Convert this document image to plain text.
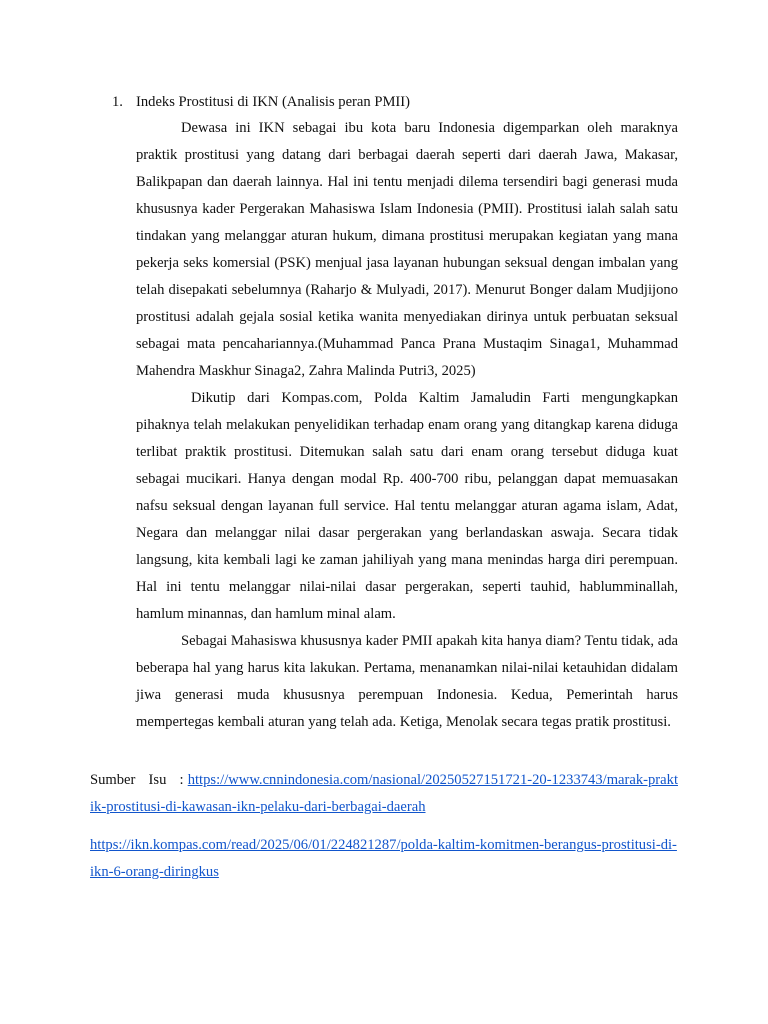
1. Indeks Prostitusi di IKN (Analisis peran PMII)

Dewasa ini IKN sebagai ibu kota baru Indonesia digemparkan oleh maraknya praktik prostitusi yang datang dari berbagai daerah seperti dari daerah Jawa, Makasar, Balikpapan dan daerah lainnya. Hal ini tentu menjadi dilema tersendiri bagi generasi muda khususnya kader Pergerakan Mahasiswa Islam Indonesia (PMII). Prostitusi ialah salah satu tindakan yang melanggar aturan hukum, dimana prostitusi merupakan kegiatan yang mana pekerja seks komersial (PSK) menjual jasa layanan hubungan seksual dengan imbalan yang telah disepakati sebelumnya (Raharjo & Mulyadi, 2017). Menurut Bonger dalam Mudjijono prostitusi adalah gejala sosial ketika wanita menyediakan dirinya untuk perbuatan seksual sebagai mata pencahariannya.(Muhammad Panca Prana Mustaqim Sinaga1, Muhammad Mahendra Maskhur Sinaga2, Zahra Malinda Putri3, 2025)

Dikutip dari Kompas.com, Polda Kaltim Jamaludin Farti mengungkapkan pihaknya telah melakukan penyelidikan terhadap enam orang yang ditangkap karena diduga terlibat praktik prostitusi. Ditemukan salah satu dari enam orang tersebut diduga kuat sebagai mucikari. Hanya dengan modal Rp. 400-700 ribu, pelanggan dapat memuasakan nafsu seksual dengan layanan full service. Hal tentu melanggar aturan agama islam, Adat, Negara dan melanggar nilai dasar pergerakan yang berlandaskan aswaja. Secara tidak langsung, kita kembali lagi ke zaman jahiliyah yang mana menindas harga diri perempuan. Hal ini tentu melanggar nilai-nilai dasar pergerakan, seperti tauhid, hablumminallah, hamlum minannas, dan hamlum minal alam.

Sebagai Mahasiswa khususnya kader PMII apakah kita hanya diam? Tentu tidak, ada beberapa hal yang harus kita lakukan. Pertama, menanamkan nilai-nilai ketauhidan didalam jiwa generasi muda khususnya perempuan Indonesia. Kedua, Pemerintah harus mempertegas kembali aturan yang telah ada. Ketiga, Menolak secara tegas pratik prostitusi.

Sumber Isu : https://www.cnnindonesia.com/nasional/20250527151721-20-1233743/marak-praktik-prostitusi-di-kawasan-ikn-pelaku-dari-berbagai-daerah

https://ikn.kompas.com/read/2025/06/01/224821287/polda-kaltim-komitmen-berangus-prostitusi-di-ikn-6-orang-diringkus
